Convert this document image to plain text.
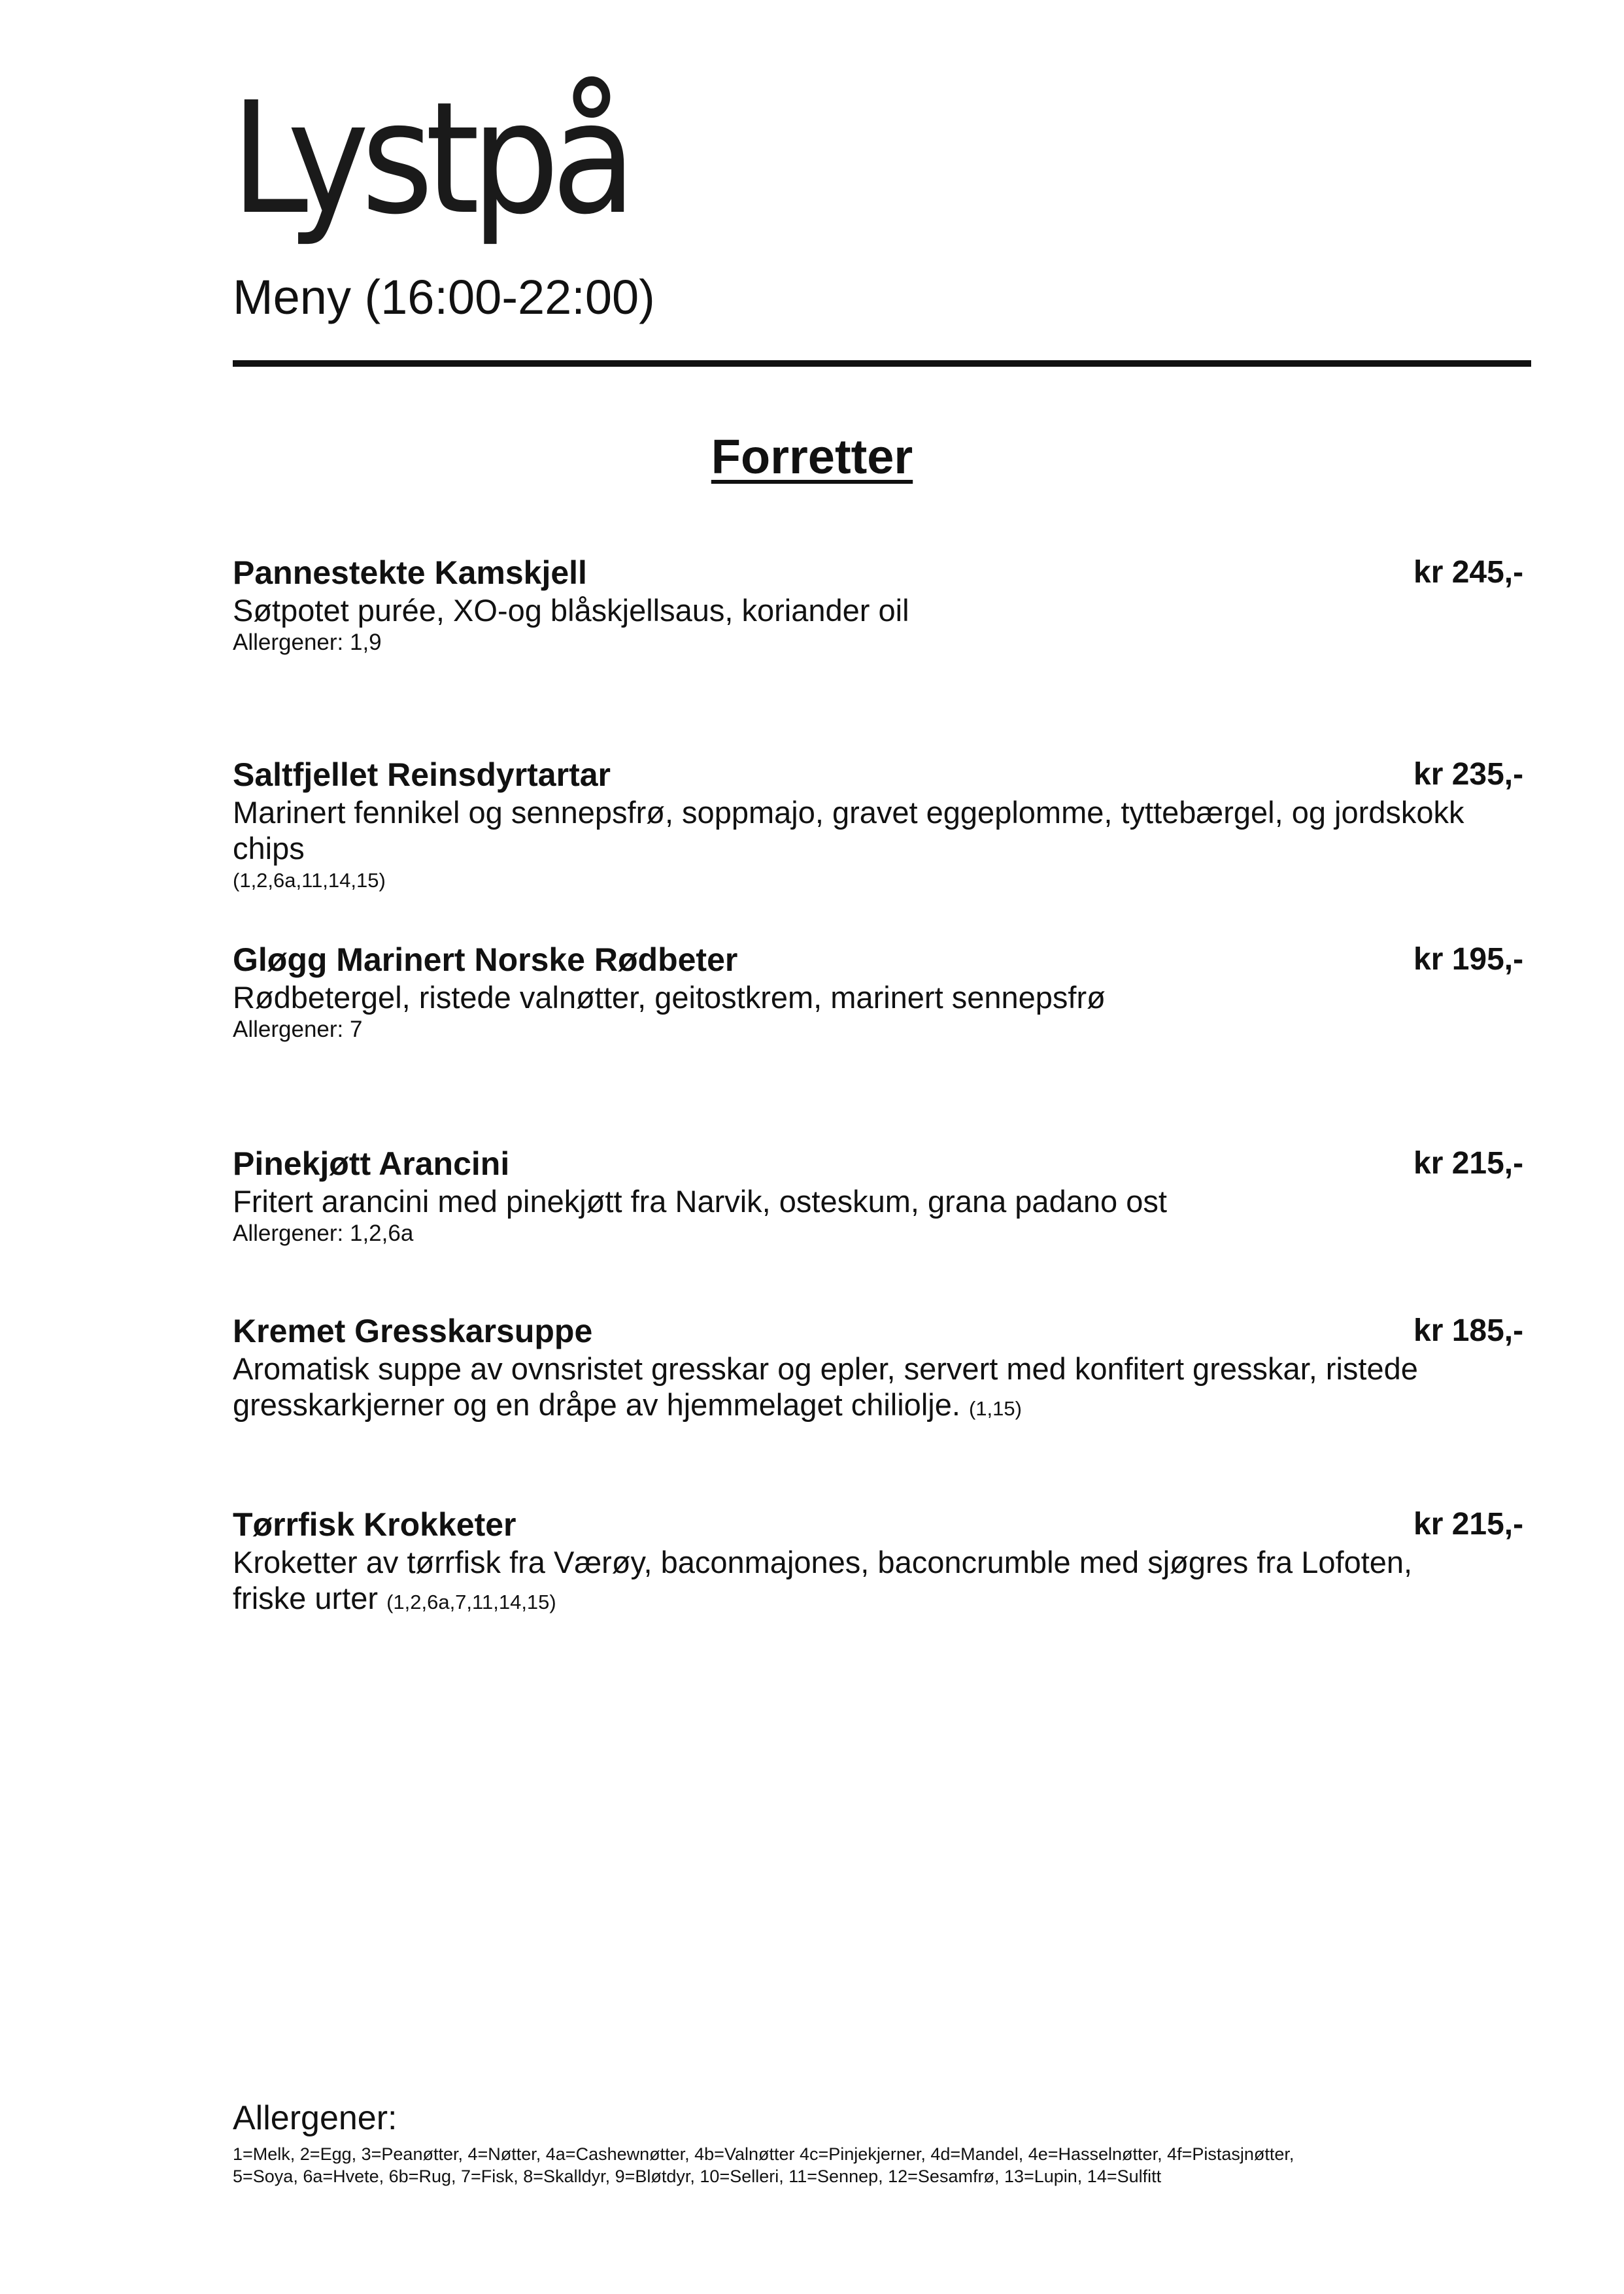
Lystpå
Meny (16:00-22:00)
Forretter
Pannestekte Kamskjell	kr 245,-
Søtpotet purée, XO-og blåskjellsaus, koriander oil
Allergener: 1,9
Saltfjellet Reinsdyrtartar	kr 235,-
Marinert fennikel og sennepsfrø, soppmajo, gravet eggeplomme, tyttebærgel, og jordskokk chips
(1,2,6a,11,14,15)
Gløgg Marinert Norske Rødbeter	kr 195,-
Rødbetergel, ristede valnøtter, geitostkrem, marinert sennepsfrø
Allergener: 7
Pinekjøtt Arancini	kr 215,-
Fritert arancini med pinekjøtt fra Narvik, osteskum, grana padano ost
Allergener: 1,2,6a
Kremet Gresskarsuppe	kr 185,-
Aromatisk suppe av ovnsristet gresskar og epler, servert med konfitert gresskar, ristede gresskarkjerner og en dråpe av hjemmelaget chiliolje. (1,15)
Tørrfisk Krokketer	kr 215,-
Kroketter av tørrfisk fra Værøy, baconmajones, baconcrumble med sjøgres fra Lofoten, friske urter (1,2,6a,7,11,14,15)
Allergener:
1=Melk, 2=Egg, 3=Peanøtter, 4=Nøtter, 4a=Cashewnøtter, 4b=Valnøtter 4c=Pinjekjerner, 4d=Mandel, 4e=Hasselnøtter, 4f=Pistasjnøtter,
5=Soya, 6a=Hvete, 6b=Rug, 7=Fisk, 8=Skalldyr, 9=Bløtdyr, 10=Selleri, 11=Sennep, 12=Sesamfrø, 13=Lupin, 14=Sulfitt
